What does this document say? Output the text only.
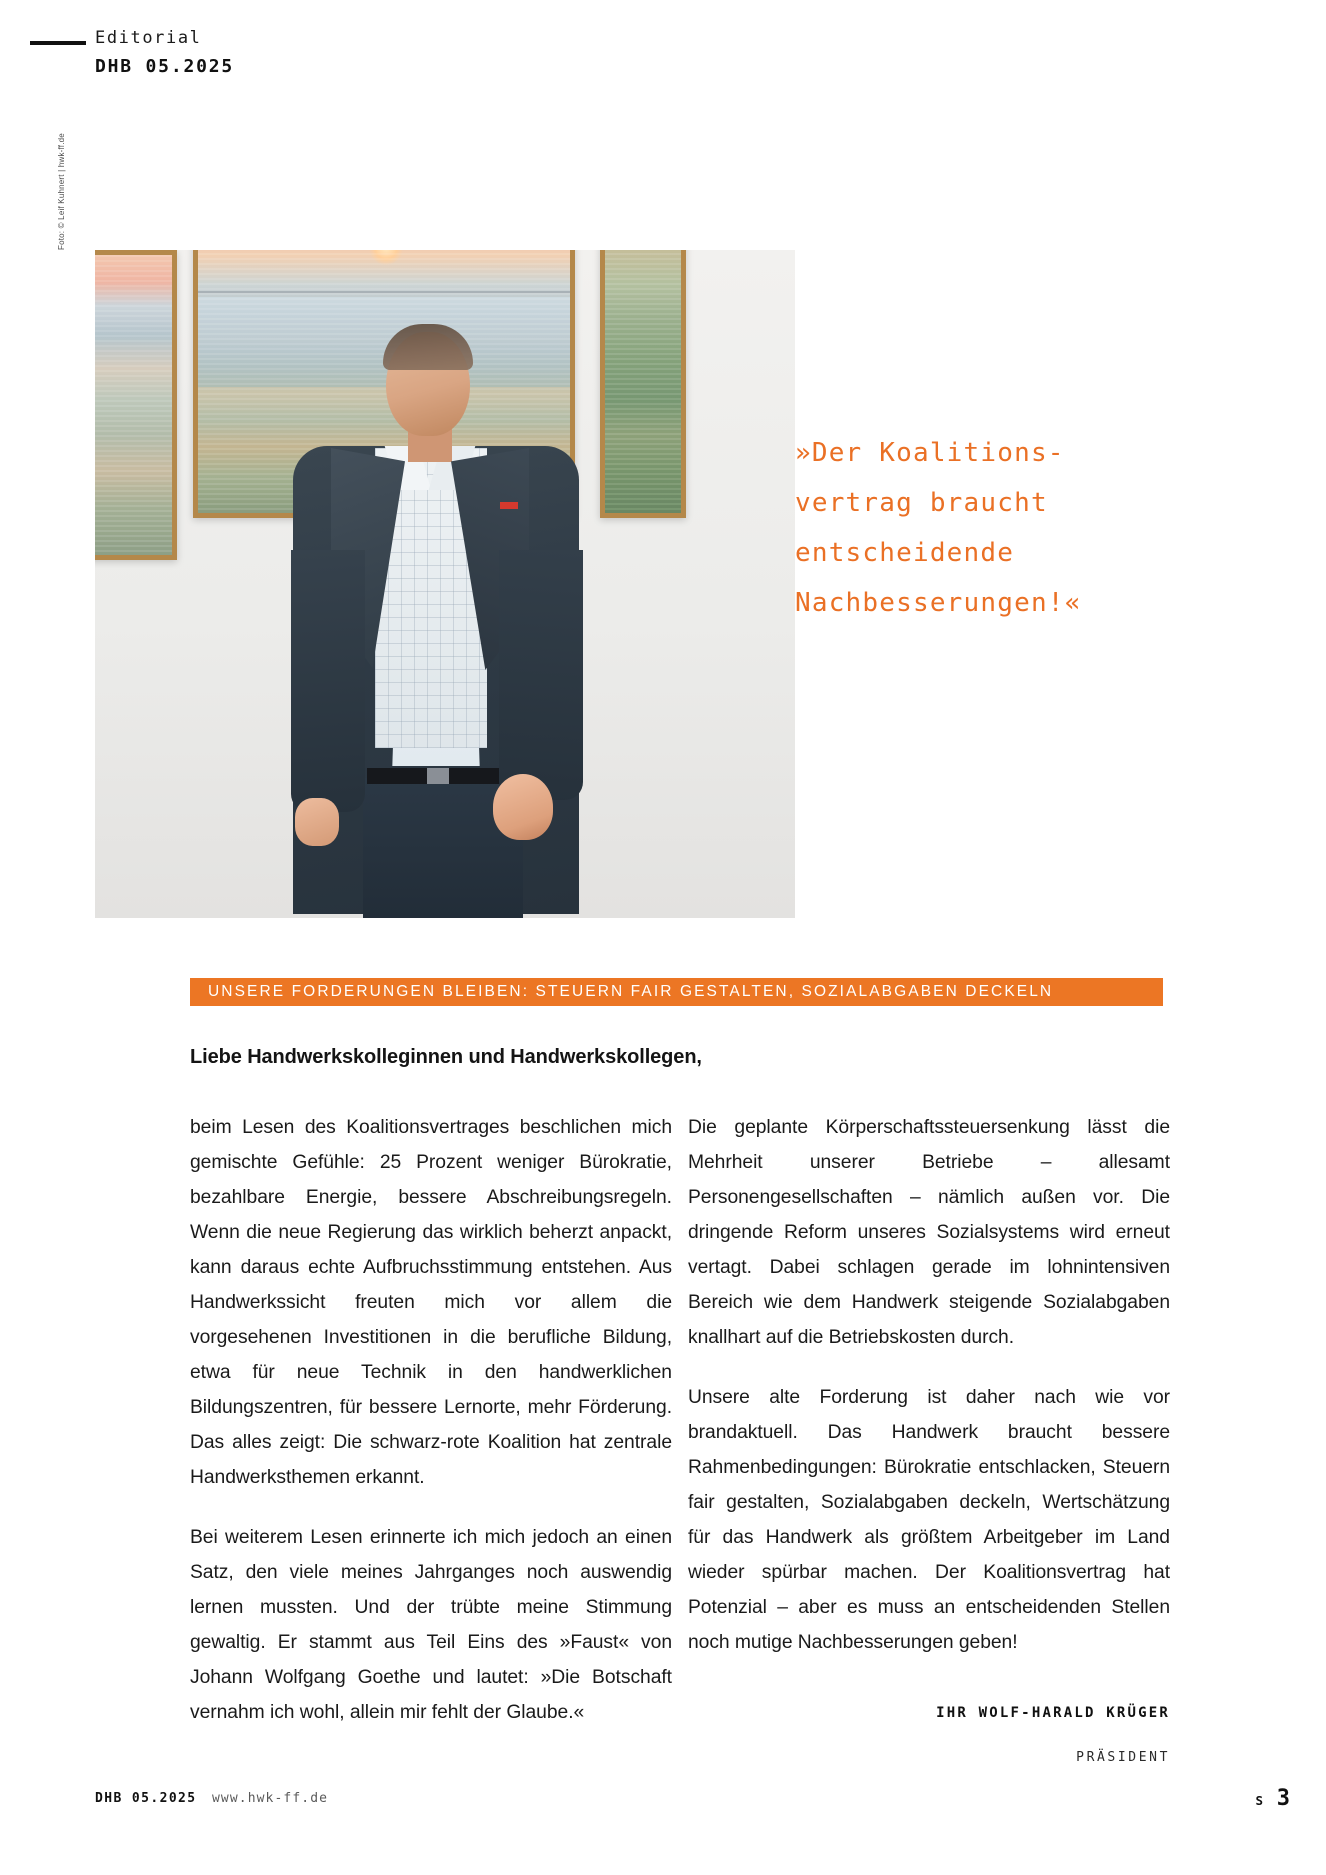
Editorial
DHB 05.2025
Foto: © Leif Kuhnert | hwk-ff.de
»Der Koalitions-
vertrag braucht
entscheidende
Nachbesserungen!«
UNSERE FORDERUNGEN BLEIBEN: STEUERN FAIR GESTALTEN, SOZIALABGABEN DECKELN
Liebe Handwerkskolleginnen und Handwerkskollegen,

beim Lesen des Koalitionsvertrages beschlichen mich gemischte Gefühle: 25 Prozent weniger Bürokratie, bezahlbare Energie, bessere Abschreibungsregeln. Wenn die neue Regierung das wirklich beherzt anpackt, kann daraus echte Aufbruchsstimmung entstehen. Aus Handwerkssicht freuten mich vor allem die vorgesehenen Investitionen in die berufliche Bildung, etwa für neue Technik in den handwerklichen Bildungszentren, für bessere Lernorte, mehr Förderung. Das alles zeigt: Die schwarz-rote Koalition hat zentrale Handwerksthemen erkannt.

Bei weiterem Lesen erinnerte ich mich jedoch an einen Satz, den viele meines Jahrganges noch auswendig lernen mussten. Und der trübte meine Stimmung gewaltig. Er stammt aus Teil Eins des »Faust« von Johann Wolfgang Goethe und lautet: »Die Botschaft vernahm ich wohl, allein mir fehlt der Glaube.«

Die geplante Körperschaftssteuersenkung lässt die Mehrheit unserer Betriebe – allesamt Personengesellschaften – nämlich außen vor. Die dringende Reform unseres Sozialsystems wird erneut vertagt. Dabei schlagen gerade im lohnintensiven Bereich wie dem Handwerk steigende Sozialabgaben knallhart auf die Betriebskosten durch.

Unsere alte Forderung ist daher nach wie vor brandaktuell. Das Handwerk braucht bessere Rahmenbedingungen: Bürokratie entschlacken, Steuern fair gestalten, Sozialabgaben deckeln, Wertschätzung für das Handwerk als größtem Arbeitgeber im Land wieder spürbar machen. Der Koalitionsvertrag hat Potenzial – aber es muss an entscheidenden Stellen noch mutige Nachbesserungen geben!

IHR WOLF-HARALD KRÜGER
PRÄSIDENT
DHB 05.2025 www.hwk-ff.de	S 3
